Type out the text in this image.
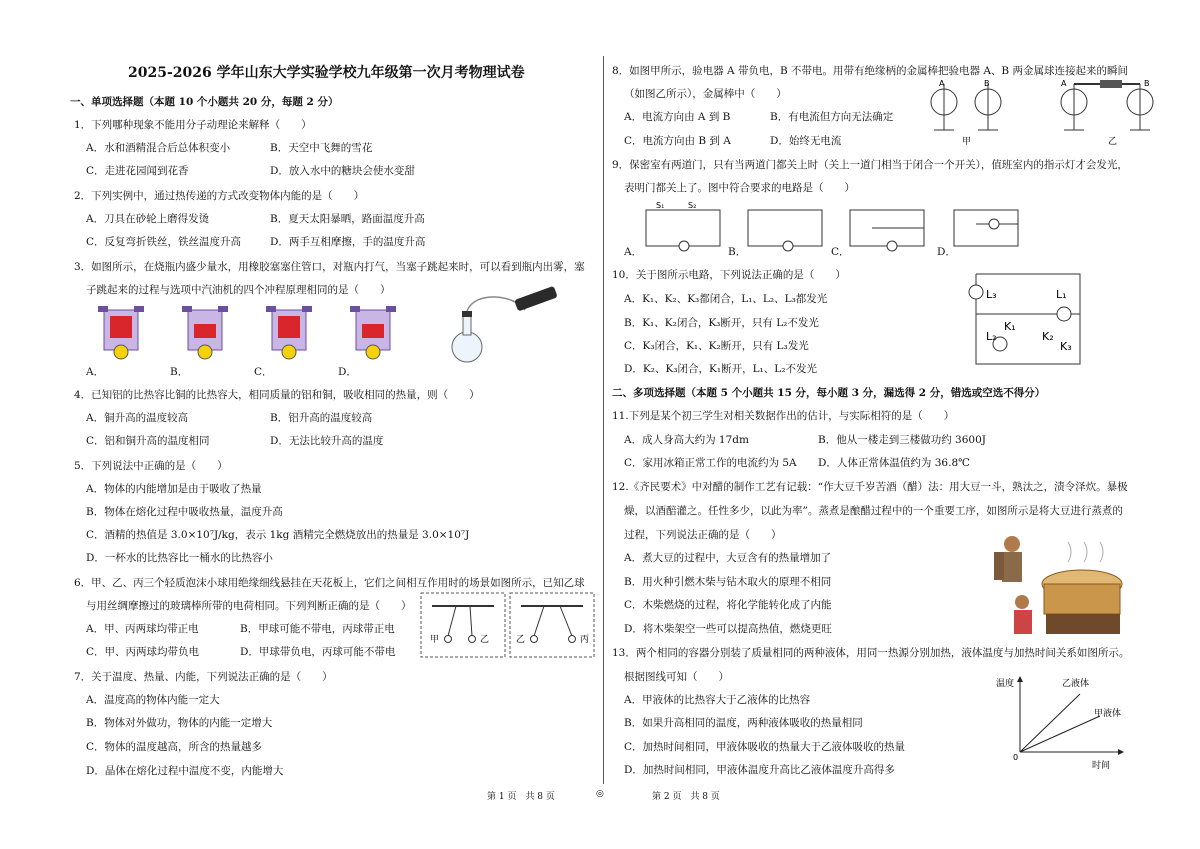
2025-2026 学年山东大学实验学校九年级第一次月考物理试卷
一、单项选择题（本题 10 个小题共 20 分，每题 2 分）
1．下列哪种现象不能用分子动理论来解释（　　）
A．水和酒精混合后总体积变小	B．天空中飞舞的雪花
C．走进花园闻到花香	D．放入水中的糖块会使水变甜
2．下列实例中，通过热传递的方式改变物体内能的是（　　）
A．刀具在砂轮上磨得发烫	B．夏天太阳暴晒，路面温度升高
C．反复弯折铁丝，铁丝温度升高	D．两手互相摩擦，手的温度升高
3．如图所示，在烧瓶内盛少量水，用橡胶塞塞住管口，对瓶内打气，当塞子跳起来时，可以看到瓶内出雾，塞
子跳起来的过程与选项中汽油机的四个冲程原理相同的是（　　）
A．	B．	C．	D．
4．已知铝的比热容比铜的比热容大，相同质量的铝和铜，吸收相同的热量，则（　　）
A．铜升高的温度较高	B．铝升高的温度较高
C．铝和铜升高的温度相同	D．无法比较升高的温度
5．下列说法中正确的是（　　）
A．物体的内能增加是由于吸收了热量
B．物体在熔化过程中吸收热量，温度升高
C．酒精的热值是 3.0×10⁷J/kg，表示 1kg 酒精完全燃烧放出的热量是 3.0×10⁷J
D．一杯水的比热容比一桶水的比热容小
6．甲、乙、丙三个轻质泡沫小球用绝缘细线悬挂在天花板上，它们之间相互作用时的场景如图所示，已知乙球
与用丝绸摩擦过的玻璃棒所带的电荷相同。下列判断正确的是（　　）
A．甲、丙两球均带正电	B．甲球可能不带电，丙球带正电
C．甲、丙两球均带负电	D．甲球带负电，丙球可能不带电
甲	乙	乙	丙
7．关于温度、热量、内能，下列说法正确的是（　　）
A．温度高的物体内能一定大
B．物体对外做功，物体的内能一定增大
C．物体的温度越高，所含的热量越多
D．晶体在熔化过程中温度不变，内能增大
8．如图甲所示，验电器 A 带负电，B 不带电。用带有绝缘柄的金属棒把验电器 A、B 两金属球连接起来的瞬间
（如图乙所示），金属棒中（　　）
A．电流方向由 A 到 B	B．有电流但方向无法确定
C．电流方向由 B 到 A	D．始终无电流
A	B
甲
A	B
乙
9．保密室有两道门，只有当两道门都关上时（关上一道门相当于闭合一个开关），值班室内的指示灯才会发光，
表明门都关上了。图中符合要求的电路是（　　）
S₁	S₂
A．	B．	C．	D．
10．关于图所示电路，下列说法正确的是（　　）
A．K₁、K₂、K₃都闭合，L₁、L₂、L₃都发光
B．K₁、K₂闭合，K₃断开，只有 L₂不发光
C．K₃闭合，K₁、K₂断开，只有 L₃发光
D．K₂、K₃闭合，K₁断开，L₁、L₂不发光
L₃	L₁
K₁
L₂	K₂
K₃
二、多项选择题（本题 5 个小题共 15 分，每小题 3 分，漏选得 2 分，错选或空选不得分）
11.下列是某个初三学生对相关数据作出的估计，与实际相符的是（　　）
A．成人身高大约为 17dm	B．他从一楼走到三楼做功约 3600J
C．家用冰箱正常工作的电流约为 5A D．人体正常体温值约为 36.8℃
12.《齐民要术》中对醋的制作工艺有记载：“作大豆千岁苦酒（醋）法：用大豆一斗，熟汰之，渍令泽炊。暴极
燥，以酒醅灌之。任性多少，以此为率”。蒸煮是酿醋过程中的一个重要工序，如图所示是将大豆进行蒸煮的
过程，下列说法正确的是（　　）
A．煮大豆的过程中，大豆含有的热量增加了
B．用火种引燃木柴与钻木取火的原理不相同
C．木柴燃烧的过程，将化学能转化成了内能
D．将木柴架空一些可以提高热值，燃烧更旺
13．两个相同的容器分别装了质量相同的两种液体，用同一热源分别加热，液体温度与加热时间关系如图所示。
根据图线可知（　　）
A．甲液体的比热容大于乙液体的比热容
B．如果升高相同的温度，两种液体吸收的热量相同
C．加热时间相同，甲液体吸收的热量大于乙液体吸收的热量
D．加热时间相同，甲液体温度升高比乙液体温度升高得多
温度
时间
0
乙液体
甲液体
第 1 页　共 8 页	◎	第 2 页　共 8 页
